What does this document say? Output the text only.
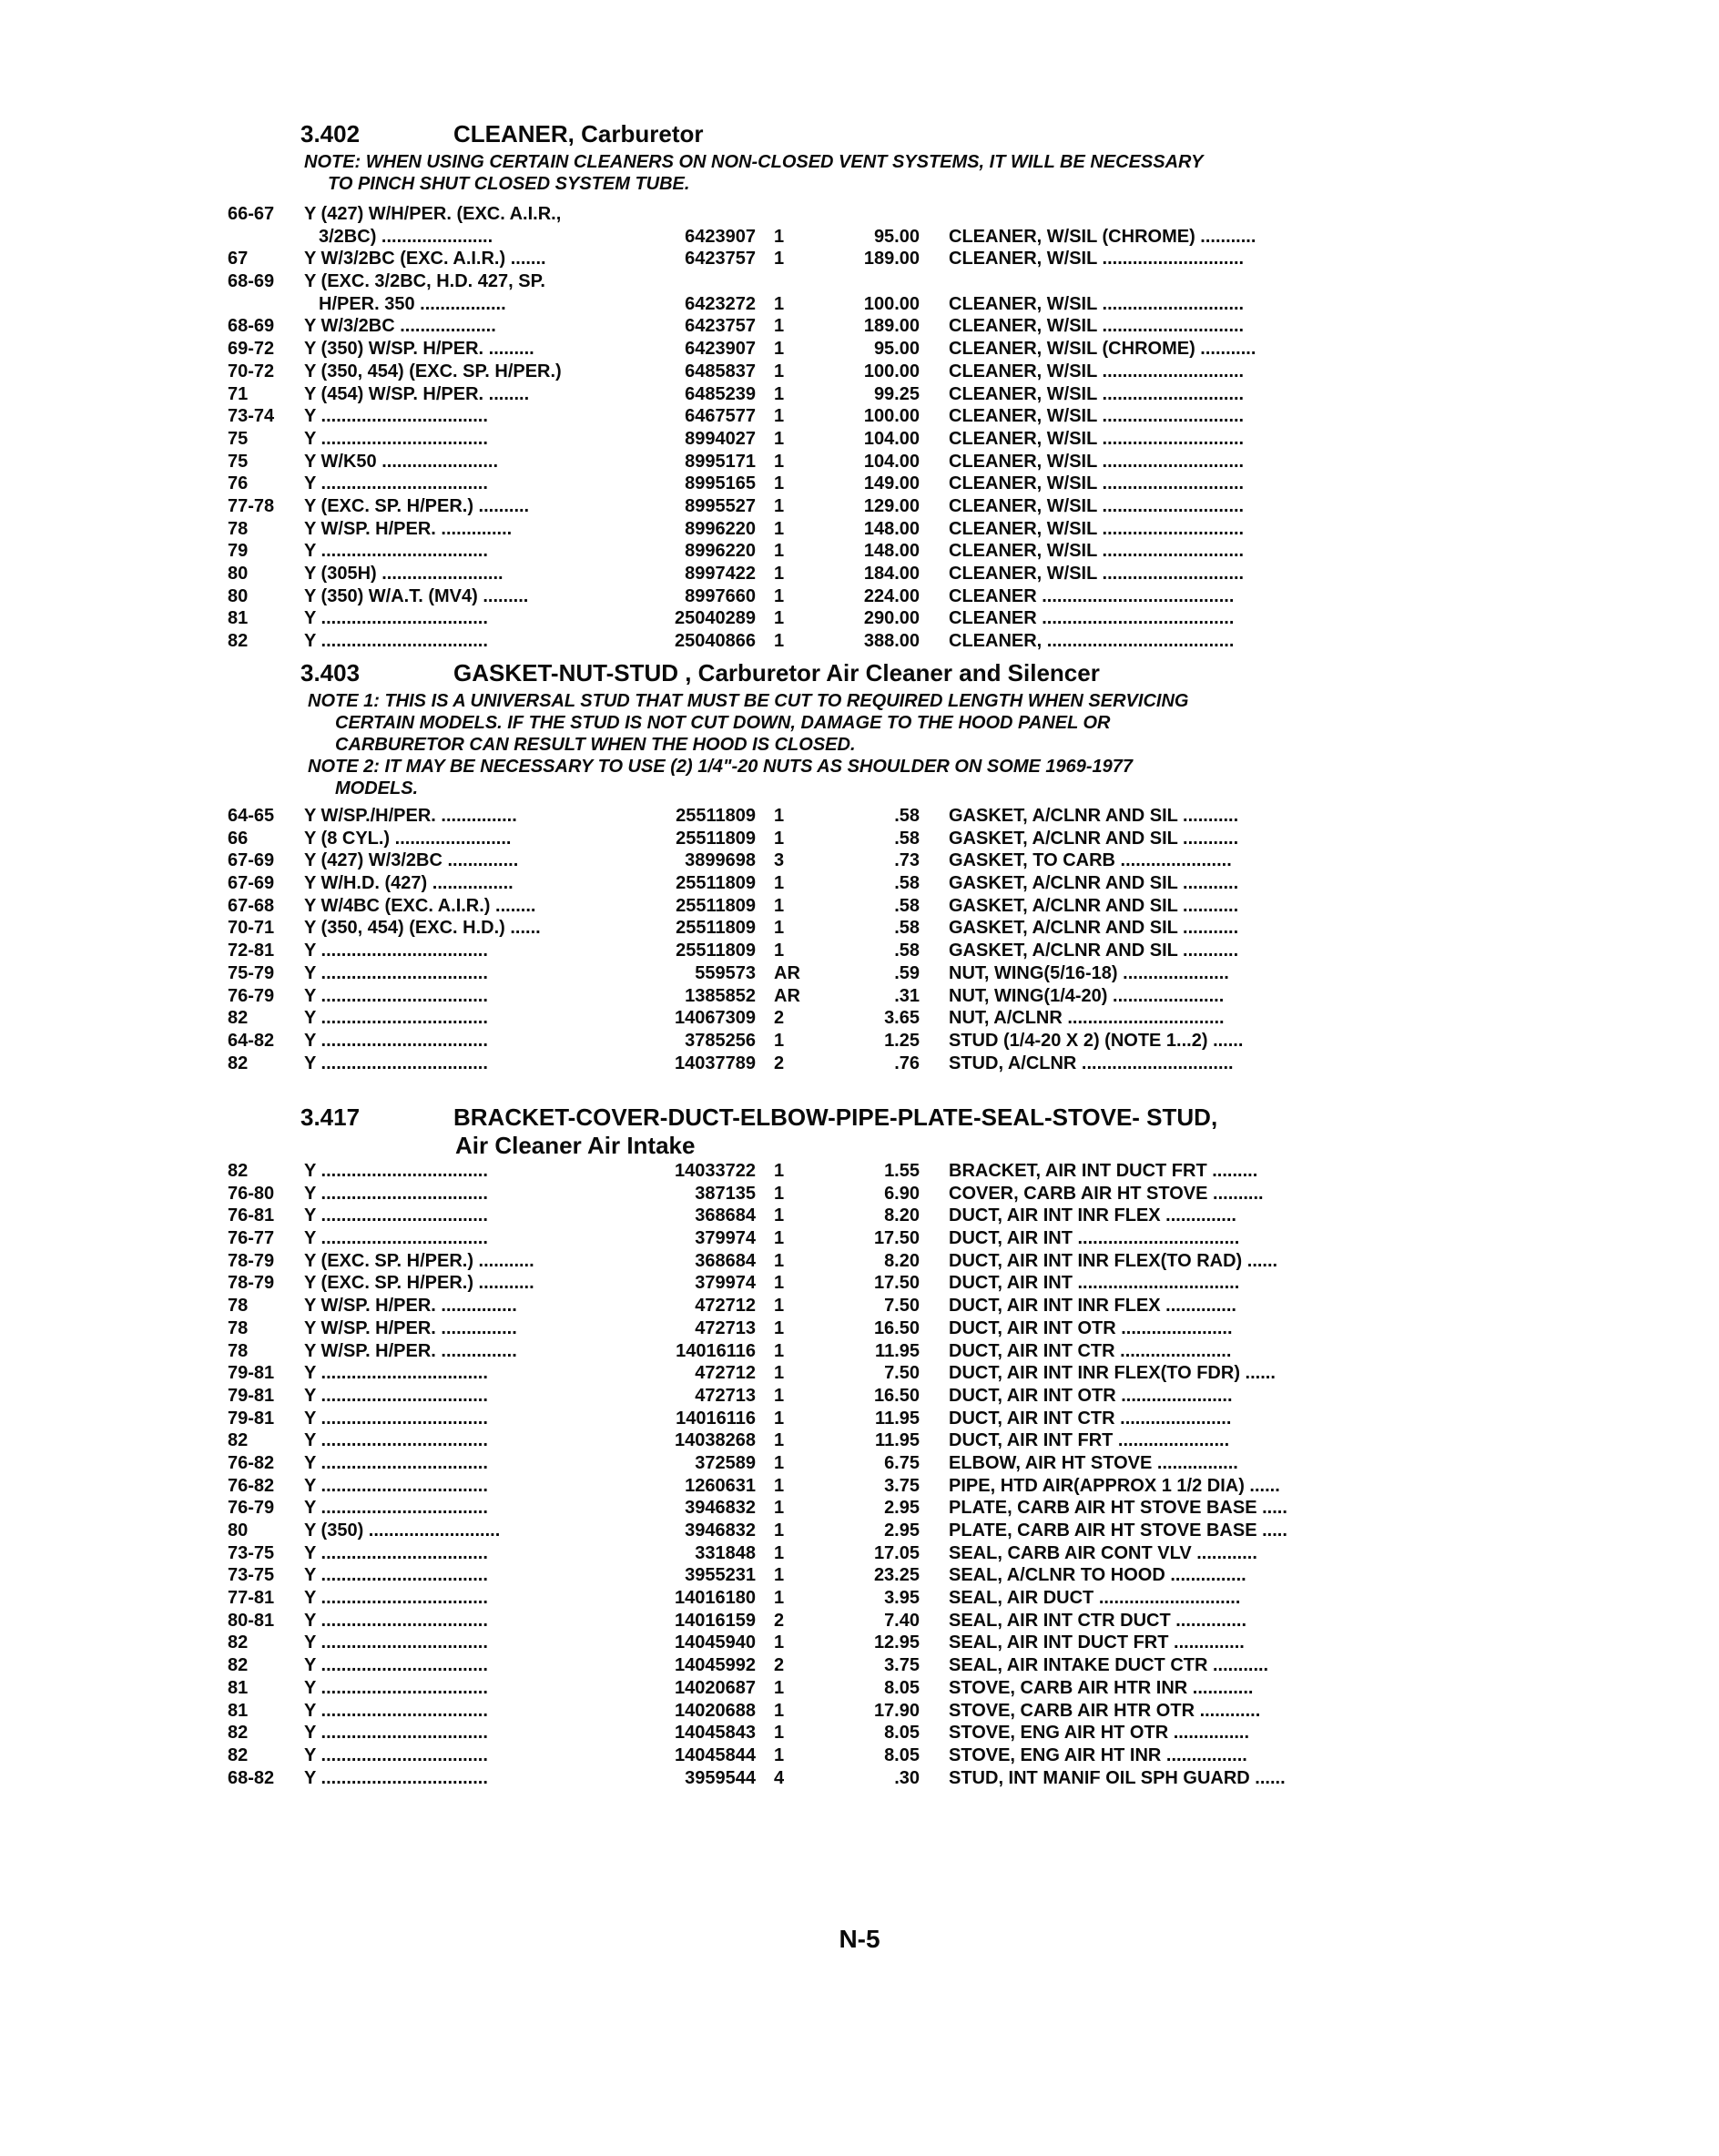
3.402	CLEANER, Carburetor
NOTE: WHEN USING CERTAIN CLEANERS ON NON-CLOSED VENT SYSTEMS, IT WILL BE NECESSARY
TO PINCH SHUT CLOSED SYSTEM TUBE.
66-67	Y (427) W/H/PER. (EXC. A.I.R.,
3/2BC) ......................	6423907 1	95.00 CLEANER, W/SIL (CHROME) ...........
67	Y W/3/2BC (EXC. A.I.R.) .......	6423757 1	189.00 CLEANER, W/SIL ............................
68-69	Y (EXC. 3/2BC, H.D. 427, SP.
H/PER. 350 .................	6423272 1	100.00 CLEANER, W/SIL ............................
68-69	Y W/3/2BC ...................	6423757 1	189.00 CLEANER, W/SIL ............................
69-72	Y (350) W/SP. H/PER. .........	6423907 1	95.00 CLEANER, W/SIL (CHROME) ...........
70-72	Y (350, 454) (EXC. SP. H/PER.)	6485837 1	100.00 CLEANER, W/SIL ............................
71	Y (454) W/SP. H/PER. ........	6485239 1	99.25 CLEANER, W/SIL ............................
73-74	Y .................................	6467577 1	100.00 CLEANER, W/SIL ............................
75	Y .................................	8994027 1	104.00 CLEANER, W/SIL ............................
75	Y W/K50 .......................	8995171 1	104.00 CLEANER, W/SIL ............................
76	Y .................................	8995165 1	149.00 CLEANER, W/SIL ............................
77-78	Y (EXC. SP. H/PER.) ..........	8995527 1	129.00 CLEANER, W/SIL ............................
78	Y W/SP. H/PER. ..............	8996220 1	148.00 CLEANER, W/SIL ............................
79	Y .................................	8996220 1	148.00 CLEANER, W/SIL ............................
80	Y (305H) ........................	8997422 1	184.00 CLEANER, W/SIL ............................
80	Y (350) W/A.T. (MV4) .........	8997660 1	224.00 CLEANER ......................................
81	Y .................................	25040289 1	290.00 CLEANER ......................................
82	Y .................................	25040866 1	388.00 CLEANER, .....................................
3.403	GASKET-NUT-STUD , Carburetor Air Cleaner and Silencer
NOTE 1: THIS IS A UNIVERSAL STUD THAT MUST BE CUT TO REQUIRED LENGTH WHEN SERVICING
CERTAIN MODELS. IF THE STUD IS NOT CUT DOWN, DAMAGE TO THE HOOD PANEL OR
CARBURETOR CAN RESULT WHEN THE HOOD IS CLOSED.
NOTE 2: IT MAY BE NECESSARY TO USE (2) 1/4"-20 NUTS AS SHOULDER ON SOME 1969-1977
MODELS.
64-65	Y W/SP./H/PER. ...............	25511809 1	.58 GASKET, A/CLNR AND SIL ...........
66	Y (8 CYL.) .......................	25511809 1	.58 GASKET, A/CLNR AND SIL ...........
67-69	Y (427) W/3/2BC ..............	3899698 3	.73 GASKET, TO CARB ......................
67-69	Y W/H.D. (427) ................	25511809 1	.58 GASKET, A/CLNR AND SIL ...........
67-68	Y W/4BC (EXC. A.I.R.) ........	25511809 1	.58 GASKET, A/CLNR AND SIL ...........
70-71	Y (350, 454) (EXC. H.D.) ......	25511809 1	.58 GASKET, A/CLNR AND SIL ...........
72-81	Y .................................	25511809 1	.58 GASKET, A/CLNR AND SIL ...........
75-79	Y .................................	559573 AR	.59 NUT, WING(5/16-18) .....................
76-79	Y .................................	1385852 AR	.31 NUT, WING(1/4-20) ......................
82	Y .................................	14067309 2	3.65 NUT, A/CLNR ...............................
64-82	Y .................................	3785256 1	1.25 STUD (1/4-20 X 2) (NOTE 1...2) ......
82	Y .................................	14037789 2	.76 STUD, A/CLNR ..............................
3.417	BRACKET-COVER-DUCT-ELBOW-PIPE-PLATE-SEAL-STOVE- STUD,
Air Cleaner Air Intake
82	Y .................................	14033722 1	1.55 BRACKET, AIR INT DUCT FRT .........
76-80	Y .................................	387135 1	6.90 COVER, CARB AIR HT STOVE ..........
76-81	Y .................................	368684 1	8.20 DUCT, AIR INT INR FLEX ..............
76-77	Y .................................	379974 1	17.50 DUCT, AIR INT ................................
78-79	Y (EXC. SP. H/PER.) ...........	368684 1	8.20 DUCT, AIR INT INR FLEX(TO RAD) ......
78-79	Y (EXC. SP. H/PER.) ...........	379974 1	17.50 DUCT, AIR INT ................................
78	Y W/SP. H/PER. ...............	472712 1	7.50 DUCT, AIR INT INR FLEX ..............
78	Y W/SP. H/PER. ...............	472713 1	16.50 DUCT, AIR INT OTR ......................
78	Y W/SP. H/PER. ...............	14016116 1	11.95 DUCT, AIR INT CTR ......................
79-81	Y .................................	472712 1	7.50 DUCT, AIR INT INR FLEX(TO FDR) ......
79-81	Y .................................	472713 1	16.50 DUCT, AIR INT OTR ......................
79-81	Y .................................	14016116 1	11.95 DUCT, AIR INT CTR ......................
82	Y .................................	14038268 1	11.95 DUCT, AIR INT FRT ......................
76-82	Y .................................	372589 1	6.75 ELBOW, AIR HT STOVE ................
76-82	Y .................................	1260631 1	3.75 PIPE, HTD AIR(APPROX 1 1/2 DIA) ......
76-79	Y .................................	3946832 1	2.95 PLATE, CARB AIR HT STOVE BASE .....
80	Y (350) ..........................	3946832 1	2.95 PLATE, CARB AIR HT STOVE BASE .....
73-75	Y .................................	331848 1	17.05 SEAL, CARB AIR CONT VLV ............
73-75	Y .................................	3955231 1	23.25 SEAL, A/CLNR TO HOOD ...............
77-81	Y .................................	14016180 1	3.95 SEAL, AIR DUCT ............................
80-81	Y .................................	14016159 2	7.40 SEAL, AIR INT CTR DUCT ..............
82	Y .................................	14045940 1	12.95 SEAL, AIR INT DUCT FRT ..............
82	Y .................................	14045992 2	3.75 SEAL, AIR INTAKE DUCT CTR ...........
81	Y .................................	14020687 1	8.05 STOVE, CARB AIR HTR INR ............
81	Y .................................	14020688 1	17.90 STOVE, CARB AIR HTR OTR ............
82	Y .................................	14045843 1	8.05 STOVE, ENG AIR HT OTR ...............
82	Y .................................	14045844 1	8.05 STOVE, ENG AIR HT INR ................
68-82	Y .................................	3959544 4	.30 STUD, INT MANIF OIL SPH GUARD ......
N-5
